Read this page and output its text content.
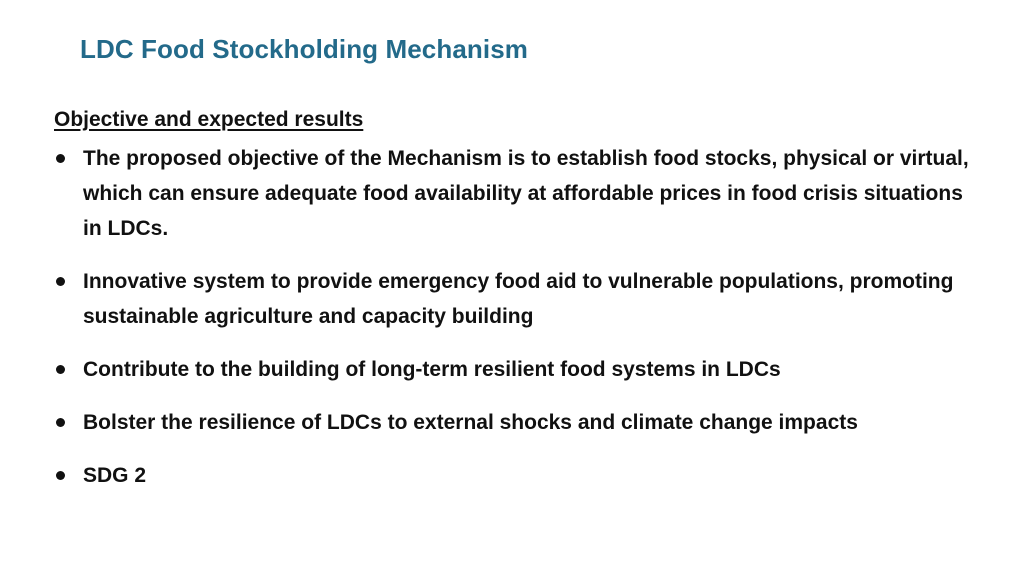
LDC Food Stockholding Mechanism
Objective and expected results
The proposed objective of the Mechanism is to establish food stocks, physical or virtual, which can ensure adequate food availability at affordable prices in food crisis situations in LDCs.
Innovative system to provide emergency food aid to vulnerable populations, promoting sustainable agriculture and capacity building
Contribute to the building of long-term resilient food systems in LDCs
Bolster the resilience of LDCs to external shocks and climate change impacts
SDG 2
